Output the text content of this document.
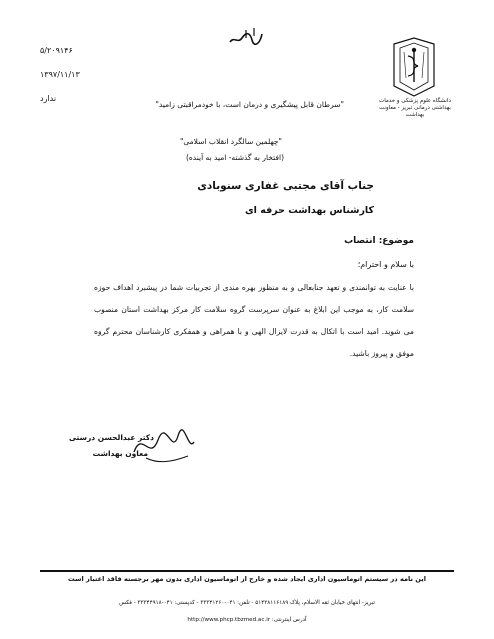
دانشگاه علوم پزشکی و خدمات بهداشتی درمانی تبریز - معاونت بهداشت
۵/۲۰۹۱۴۶
۱۳۹۷/۱۱/۱۳
ندارد
"سرطان قابل پیشگیری و درمان است، با خودمراقبتی زامید"
"چهلمین سالگرد انقلاب اسلامی"
(افتخار به گذشته- امید به آینده)
جناب آقای مجتبی غفاری سنوبادی
کارشناس بهداشت حرفه ای
موضوع: انتصاب
با سلام و احترام؛
با عنایت به توانمندی و تعهد جنابعالی و به منظور بهره مندی از تجربیات شما در پیشبرد اهداف حوزه سلامت کار، به موجب این ابلاغ به عنوان سرپرست گروه سلامت کار مرکز بهداشت استان منصوب می شوید. امید است با اتکال به قدرت لایزال الهی و با همراهی و همفکری کارشناسان محترم گروه موفق و پیروز باشید.
دکتر عبدالحسن درستی
معاون بهداشت
این نامه در سیستم اتوماسیون اداری ایجاد شده و خارج از اتوماسیون اداری بدون مهر برجسته فاقد اعتبار است
تبریز- انتهای خیابان ثقه الاسلام، پلاک ۵۱۴۳۸۱۱۶۱۸۹ - تلفن: ۰۴۱-۳۳۳۴۱۲۶۰ - کدپستی: ۰۴۱-۳۳۳۴۴۹۱۸ - فکس
آدرس اینترنتی: http://www.phcp.tbzmed.ac.ir
